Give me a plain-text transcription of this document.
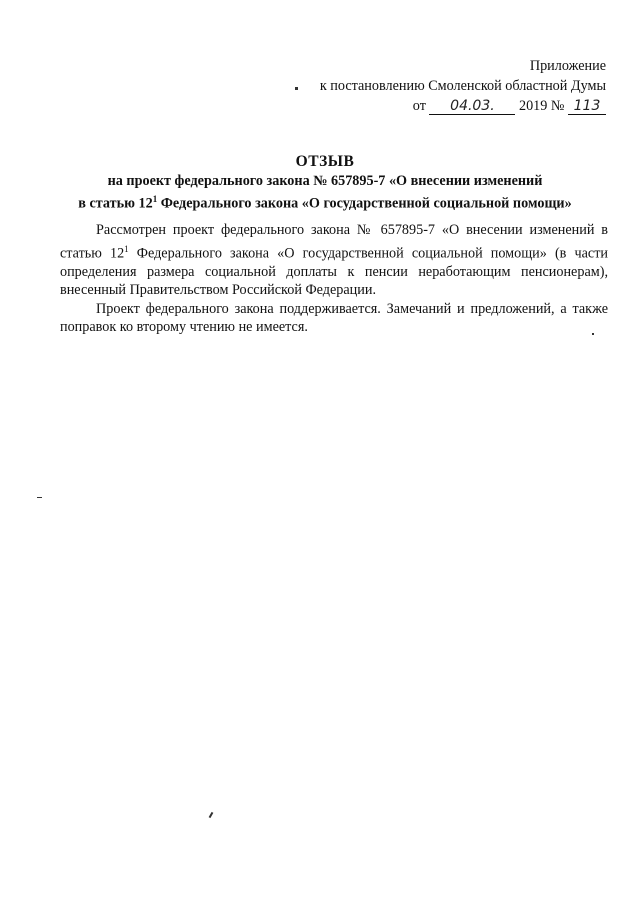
Приложение
к постановлению Смоленской областной Думы
от 04.03. 2019 № 113
ОТЗЫВ
на проект федерального закона № 657895-7 «О внесении изменений
в статью $12^1$ Федерального закона «О государственной социальной помощи»

Рассмотрен проект федерального закона № 657895-7 «О внесении изменений в статью $12^1$ Федерального закона «О государственной социальной помощи» (в части определения размера социальной доплаты к пенсии неработающим пенсионерам), внесенный Правительством Российской Федерации.

Проект федерального закона поддерживается. Замечаний и предложений, а также поправок ко второму чтению не имеется.
